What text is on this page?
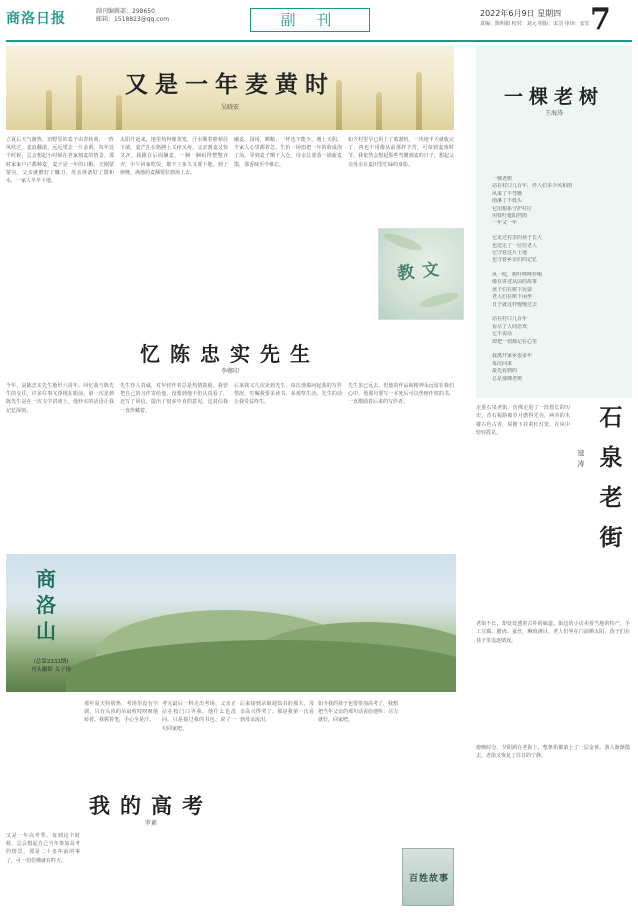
商洛日报	副刊编辑部：298650
邮箱：1518823@qq.com	副 刊	2022年6月9日 星期四
责编：陈明娟 校对：刘元 组版：宋洁 审读：安宏 7
又是一年麦黄时
吴晓宏
立夏后天气渐热，田野里的麦子由青转黄，一阵风吹过，麦浪翻滚，远远望去一片金黄。每年这个时候，总会想起小时候在老家割麦的情景。那时家家户户都种麦，麦子是一年的口粮。天刚蒙蒙亮，父亲就磨好了镰刀，母亲准备好了馍和水，一家人早早下地。
太阳升起来，地里热得像蒸笼，汗水顺着脸颊往下淌，麦芒扎在胳膊上又痒又疼。父亲割麦又快又齐，我跟在后面捆麦，一捆一捆码得整整齐齐。中午回家吃饭，歇不了多久又要下地。到了傍晚，满地的麦捆要拉到场上去。
碾麦、扬场、晒粮，一样也不能少。遇上天阴，全家人心里都着急，生怕一场雨把一年的收成泡了汤。等到麦子晒干入仓，母亲总要蒸一锅新麦馍，那香味至今难忘。
如今村里早已用上了收割机，一块地半天就收完了，再也不用像从前那样辛苦。可每到麦黄时节，我依然会想起那些弯腰割麦的日子，想起父亲母亲在麦田里忙碌的身影。
一棵老树
王海涛

一棵老树

站在村口几百年，伴人们多少风和雨

风来了不弯腰

雨淋了不低头

它用根系守护村庄

用枝叶遮阳挡雨

一年又一年

它见过村里的孩子长大

也送走了一位位老人

它守着这片土地

也守着乡亲们的记忆

风一吹，树叶哗哗作响

像在讲述从前的故事

孩子们在树下玩耍

老人们在树下闲坐

日子就这样慢慢过去

站在村口几百年

看尽了人间悲欢

它不说话

却把一切都记在心里

我离开家乡很多年

每次回来

最先看到的

总是那棵老树

教 文
忆陈忠实先生
李郸印
今年，是陈忠实先生逝世六周年。回忆我与陈先生的交往，许多往事又浮现在眼前。第一次见到陈先生是在一次文学讲座上，他朴实的话语让我记忆深刻。
先生待人真诚，对年轻作者总是热情鼓励。我曾把自己的习作寄给他，没想到他不但认真看了，还写了回信，提出了很多中肯的意见。这封信我一直珍藏着。
后来我又几次见到先生，每次他都问起我的写作情况，叮嘱我要多读书、多观察生活。先生的话让我受益终生。
先生虽已远去，但他的作品和精神永远留在我们心中。他那句要写一本死后可以垫棺作枕的书，一直激励着后来的写作者。
石
泉
老
街
寇
涛
走进石泉老街，仿佛走进了一段悠长的历史。青石板路被岁月磨得光亮，两旁的木楼古色古香，屋檐下挂着红灯笼，在风中轻轻摇晃。
老街不长，却处处透着古朴的味道。街边的小店卖着当地的特产，手工豆腐、腊肉、蚕丝，琳琅满目。老人们坐在门前晒太阳，孩子们在巷子里追逐嬉戏。
傍晚时分，夕阳洒在老街上，整条街都染上了一层金黄。游人渐渐散去，老街又恢复了往日的宁静。
商
洛
山
(总第2333期)
刊头摄影 关子扬
我的高考
罗素
又是一年高考季。每到这个时候，总会想起自己当年参加高考的情景。那是二十多年前的事了，可一切仿佛就在昨天。
那年夏天特别热，考场里没有空调，只有头顶的吊扇吱吱呀呀地转着。我握着笔，手心全是汗。
考完最后一科走出考场，父亲正站在校门口等我。他什么也没问，只是接过我的书包，说了一句回家吧。
后来接到录取通知书的那天，母亲高兴得哭了。那是我第一次看到母亲流泪。
如今我的孩子也要参加高考了，我想把当年父亲的那句话说给他听：尽力就好，回家吧。
百姓故事
